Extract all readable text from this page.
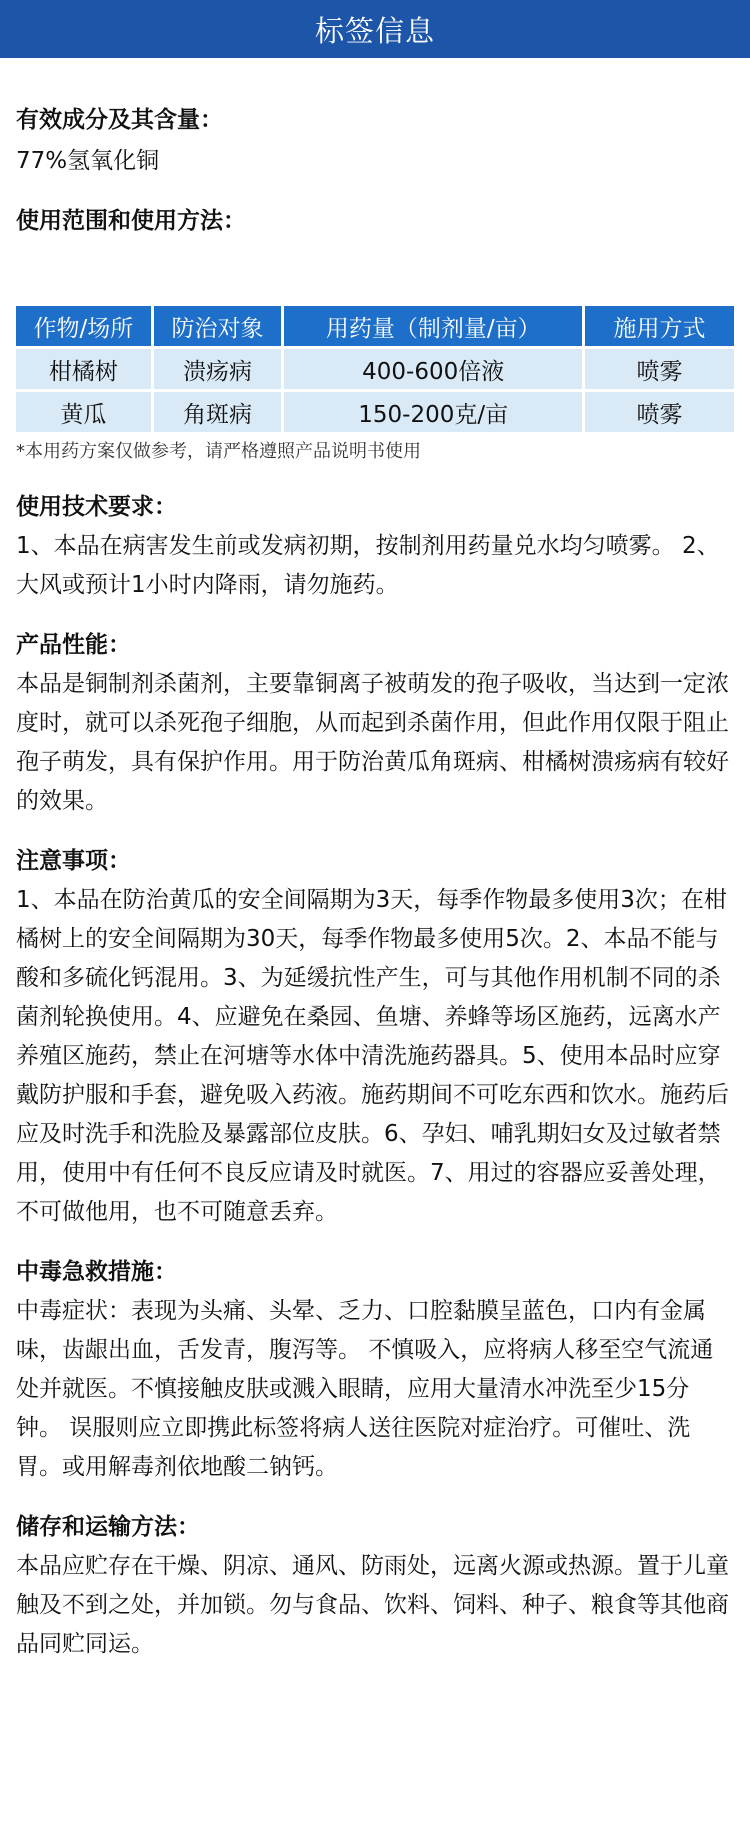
标签信息
有效成分及其含量：
77%氢氧化铜
使用范围和使用方法：
作物/场所	防治对象	用药量（制剂量/亩）	施用方式
柑橘树	溃疡病	400-600倍液	喷雾
黄瓜	角斑病	150-200克/亩	喷雾
*本用药方案仅做参考，请严格遵照产品说明书使用
使用技术要求：
1、本品在病害发生前或发病初期，按制剂用药量兑水均匀喷雾。 2、大风或预计1小时内降雨，请勿施药。
产品性能：
本品是铜制剂杀菌剂，主要靠铜离子被萌发的孢子吸收，当达到一定浓度时，就可以杀死孢子细胞，从而起到杀菌作用，但此作用仅限于阻止孢子萌发，具有保护作用。用于防治黄瓜角斑病、柑橘树溃疡病有较好的效果。
注意事项：
1、本品在防治黄瓜的安全间隔期为3天，每季作物最多使用3次；在柑橘树上的安全间隔期为30天，每季作物最多使用5次。2、本品不能与酸和多硫化钙混用。3、为延缓抗性产生，可与其他作用机制不同的杀菌剂轮换使用。4、应避免在桑园、鱼塘、养蜂等场区施药，远离水产养殖区施药，禁止在河塘等水体中清洗施药器具。5、使用本品时应穿戴防护服和手套，避免吸入药液。施药期间不可吃东西和饮水。施药后应及时洗手和洗脸及暴露部位皮肤。6、孕妇、哺乳期妇女及过敏者禁用，使用中有任何不良反应请及时就医。7、用过的容器应妥善处理，不可做他用，也不可随意丢弃。
中毒急救措施：
中毒症状：表现为头痛、头晕、乏力、口腔黏膜呈蓝色，口内有金属味，齿龈出血，舌发青，腹泻等。 不慎吸入，应将病人移至空气流通处并就医。不慎接触皮肤或溅入眼睛，应用大量清水冲洗至少15分钟。 误服则应立即携此标签将病人送往医院对症治疗。可催吐、洗胃。或用解毒剂依地酸二钠钙。
储存和运输方法：
本品应贮存在干燥、阴凉、通风、防雨处，远离火源或热源。置于儿童触及不到之处，并加锁。勿与食品、饮料、饲料、种子、粮食等其他商品同贮同运。
